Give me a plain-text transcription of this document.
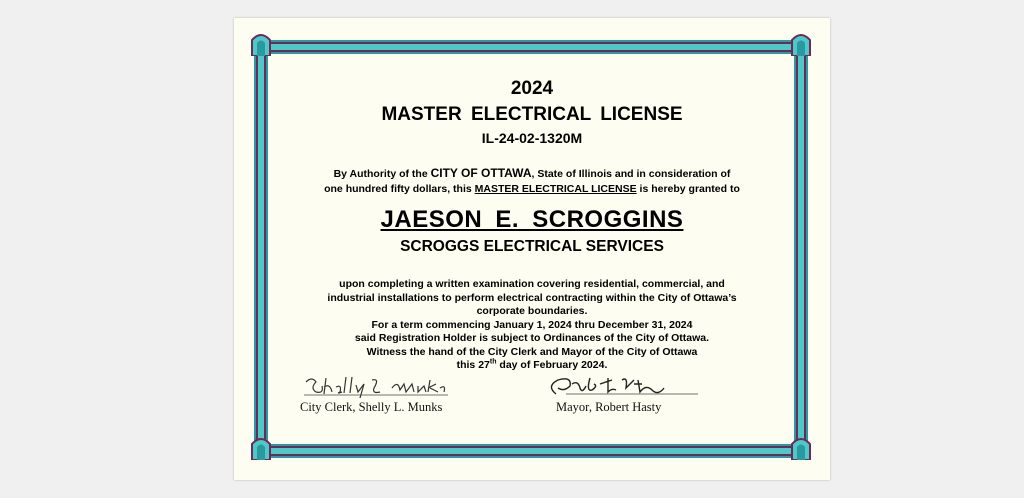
2024
MASTER ELECTRICAL LICENSE
IL-24-02-1320M
By Authority of the CITY OF OTTAWA, State of Illinois and in consideration of
one hundred fifty dollars, this MASTER ELECTRICAL LICENSE is hereby granted to
JAESON E. SCROGGINS
SCROGGS ELECTRICAL SERVICES
upon completing a written examination covering residential, commercial, and
industrial installations to perform electrical contracting within the City of Ottawa’s
corporate boundaries.
For a term commencing January 1, 2024 thru December 31, 2024
said Registration Holder is subject to Ordinances of the City of Ottawa.
Witness the hand of the City Clerk and Mayor of the City of Ottawa
this 27th day of February 2024.
City Clerk, Shelly L. Munks	Mayor, Robert Hasty
